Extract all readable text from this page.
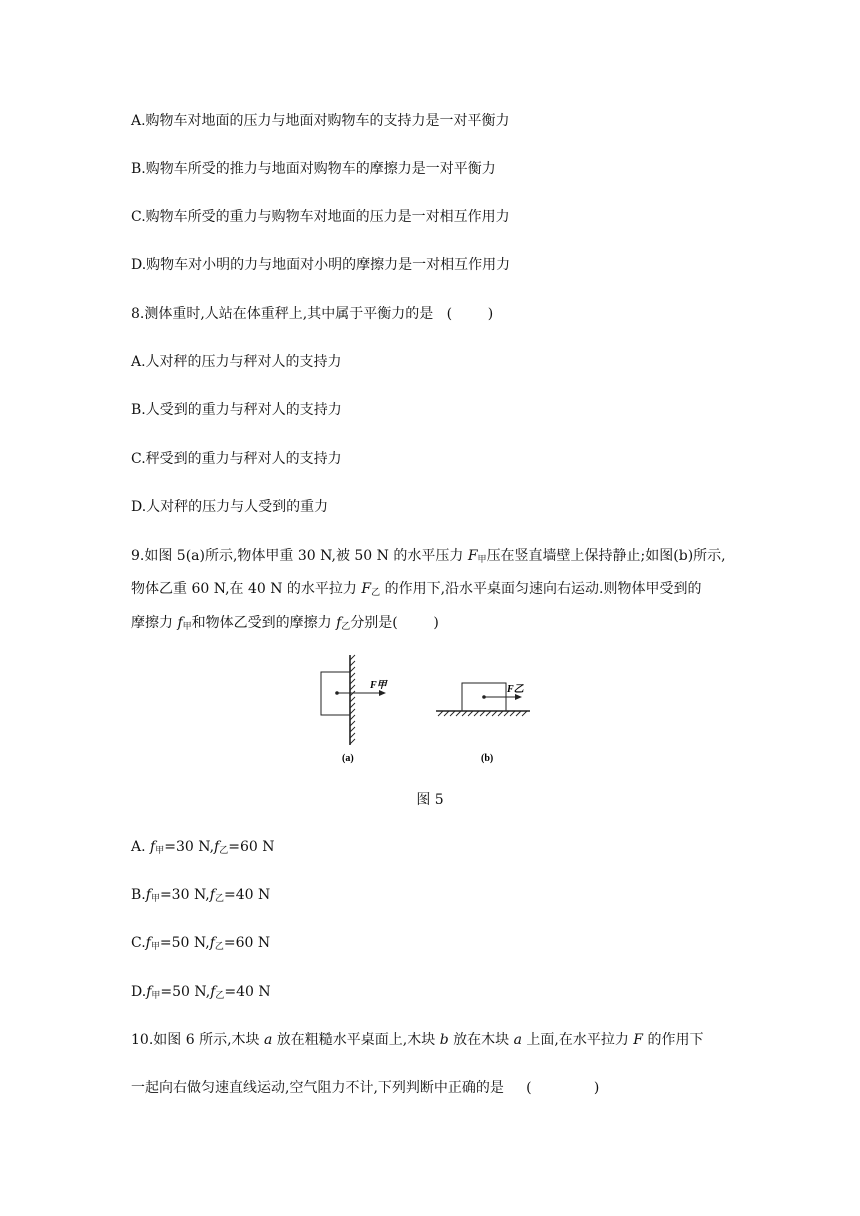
A.购物车对地面的压力与地面对购物车的支持力是一对平衡力
B.购物车所受的推力与地面对购物车的摩擦力是一对平衡力
C.购物车所受的重力与购物车对地面的压力是一对相互作用力
D.购物车对小明的力与地面对小明的摩擦力是一对相互作用力
8.测体重时,人站在体重秤上,其中属于平衡力的是 (        )
A.人对秤的压力与秤对人的支持力
B.人受到的重力与秤对人的支持力
C.秤受到的重力与秤对人的支持力
D.人对秤的压力与人受到的重力
9.如图 5(a)所示,物体甲重 30 N,被 50 N 的水平压力 $F_甲$压在竖直墙壁上保持静止;如图(b)所示,
物体乙重 60 N,在 40 N 的水平拉力 $F_乙$ 的作用下,沿水平桌面匀速向右运动.则物体甲受到的
摩擦力 $f_甲$和物体乙受到的摩擦力 $f_乙$分别是(        )
F甲
(a)
F乙
(b)
图 5
A. $f_甲=30$ $N,f_乙=60$ N
$B.f_甲=30$ $N,f_乙=40$ N
$C.f_甲=50$ $N,f_乙=60$ N
$D.f_甲=50$ $N,f_乙=40$ N
10.如图 6 所示,木块 a 放在粗糙水平桌面上,木块 b 放在木块 a 上面,在水平拉力 F 的作用下
一起向右做匀速直线运动,空气阻力不计,下列判断中正确的是 (              )
